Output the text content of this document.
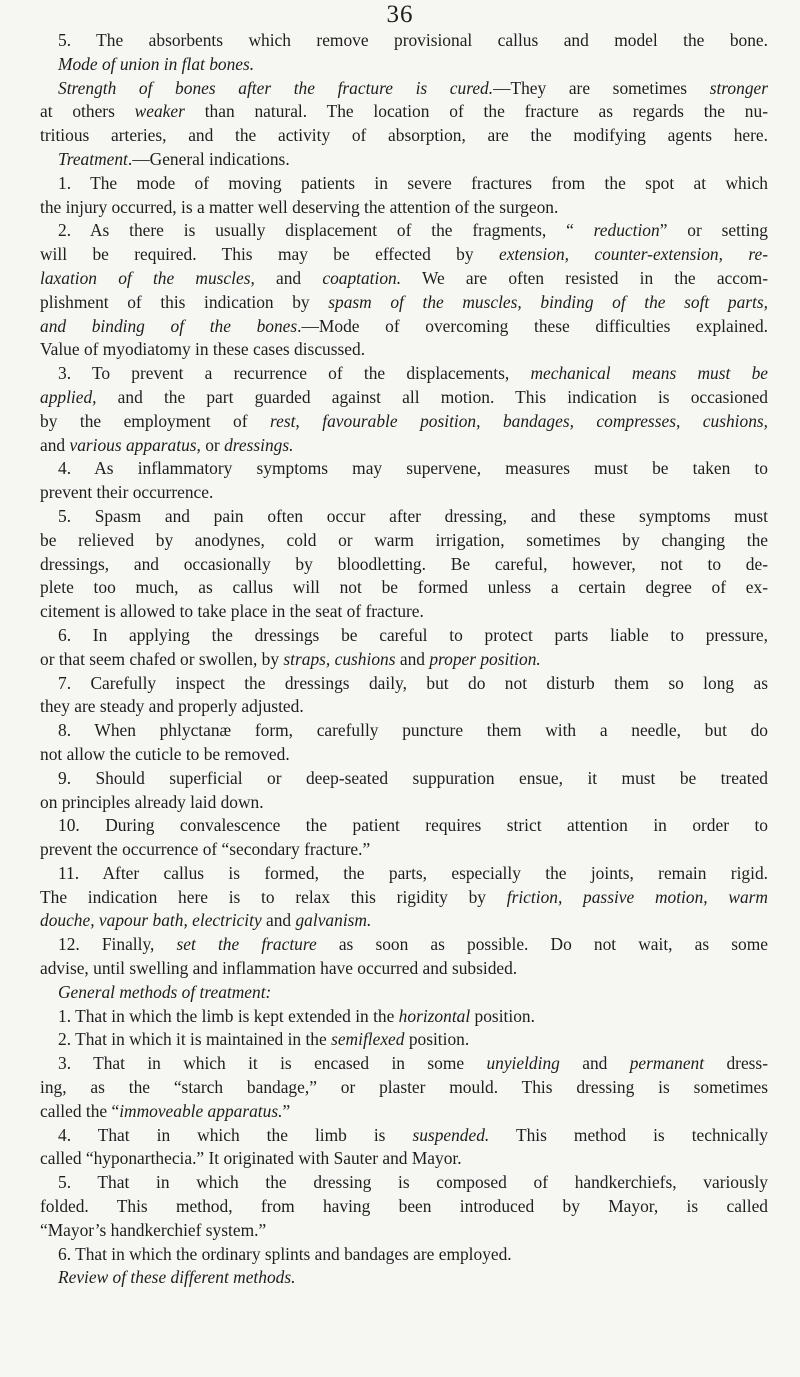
36
5. The absorbents which remove provisional callus and model the bone.
Mode of union in flat bones.
Strength of bones after the fracture is cured.—They are sometimes stronger
at others weaker than natural. The location of the fracture as regards the nu-
tritious arteries, and the activity of absorption, are the modifying agents here.
Treatment.—General indications.
1. The mode of moving patients in severe fractures from the spot at which
the injury occurred, is a matter well deserving the attention of the surgeon.
2. As there is usually displacement of the fragments, “ reduction” or setting
will be required. This may be effected by extension, counter-extension, re-
laxation of the muscles, and coaptation. We are often resisted in the accom-
plishment of this indication by spasm of the muscles, binding of the soft parts,
and binding of the bones.—Mode of overcoming these difficulties explained.
Value of myodiatomy in these cases discussed.
3. To prevent a recurrence of the displacements, mechanical means must be
applied, and the part guarded against all motion. This indication is occasioned
by the employment of rest, favourable position, bandages, compresses, cushions,
and various apparatus, or dressings.
4. As inflammatory symptoms may supervene, measures must be taken to
prevent their occurrence.
5. Spasm and pain often occur after dressing, and these symptoms must
be relieved by anodynes, cold or warm irrigation, sometimes by changing the
dressings, and occasionally by bloodletting. Be careful, however, not to de-
plete too much, as callus will not be formed unless a certain degree of ex-
citement is allowed to take place in the seat of fracture.
6. In applying the dressings be careful to protect parts liable to pressure,
or that seem chafed or swollen, by straps, cushions and proper position.
7. Carefully inspect the dressings daily, but do not disturb them so long as
they are steady and properly adjusted.
8. When phlyctanæ form, carefully puncture them with a needle, but do
not allow the cuticle to be removed.
9. Should superficial or deep-seated suppuration ensue, it must be treated
on principles already laid down.
10. During convalescence the patient requires strict attention in order to
prevent the occurrence of “secondary fracture.”
11. After callus is formed, the parts, especially the joints, remain rigid.
The indication here is to relax this rigidity by friction, passive motion, warm
douche, vapour bath, electricity and galvanism.
12. Finally, set the fracture as soon as possible. Do not wait, as some
advise, until swelling and inflammation have occurred and subsided.
General methods of treatment:
1. That in which the limb is kept extended in the horizontal position.
2. That in which it is maintained in the semiflexed position.
3. That in which it is encased in some unyielding and permanent dress-
ing, as the “starch bandage,” or plaster mould. This dressing is sometimes
called the “immoveable apparatus.”
4. That in which the limb is suspended. This method is technically
called “hyponarthecia.” It originated with Sauter and Mayor.
5. That in which the dressing is composed of handkerchiefs, variously
folded. This method, from having been introduced by Mayor, is called
“Mayor’s handkerchief system.”
6. That in which the ordinary splints and bandages are employed.
Review of these different methods.
